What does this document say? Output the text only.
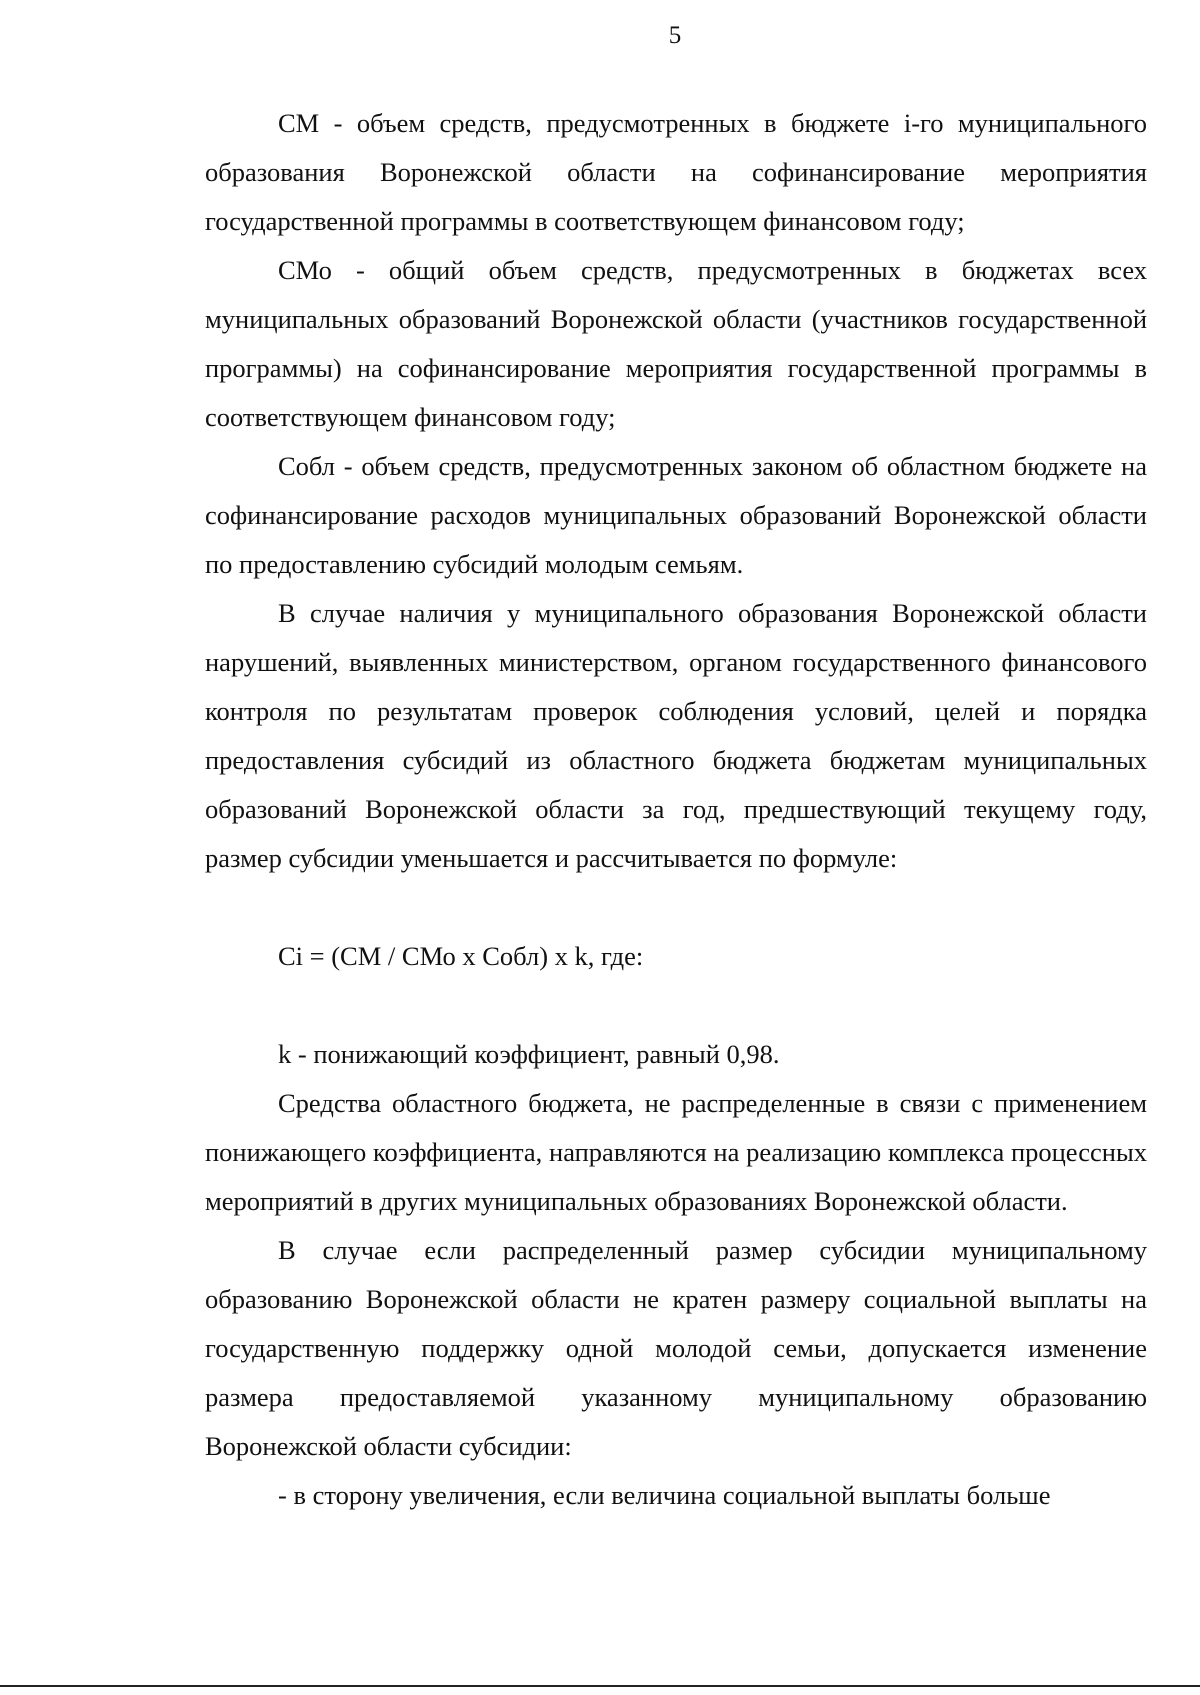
5

СМ - объем средств, предусмотренных в бюджете i-го муниципального образования Воронежской области на софинансирование мероприятия государственной программы в соответствующем финансовом году;

СМо - общий объем средств, предусмотренных в бюджетах всех муниципальных образований Воронежской области (участников государственной программы) на софинансирование мероприятия государственной программы в соответствующем финансовом году;

Собл - объем средств, предусмотренных законом об областном бюджете на софинансирование расходов муниципальных образований Воронежской области по предоставлению субсидий молодым семьям.

В случае наличия у муниципального образования Воронежской области нарушений, выявленных министерством, органом государственного финансового контроля по результатам проверок соблюдения условий, целей и порядка предоставления субсидий из областного бюджета бюджетам муниципальных образований Воронежской области за год, предшествующий текущему году, размер субсидии уменьшается и рассчитывается по формуле:

Сi = (СМ / СМо х Собл) х k, где:

k - понижающий коэффициент, равный 0,98.

Средства областного бюджета, не распределенные в связи с применением понижающего коэффициента, направляются на реализацию комплекса процессных мероприятий в других муниципальных образованиях Воронежской области.

В случае если распределенный размер субсидии муниципальному образованию Воронежской области не кратен размеру социальной выплаты на государственную поддержку одной молодой семьи, допускается изменение размера предоставляемой указанному муниципальному образованию Воронежской области субсидии:

- в сторону увеличения, если величина социальной выплаты больше
